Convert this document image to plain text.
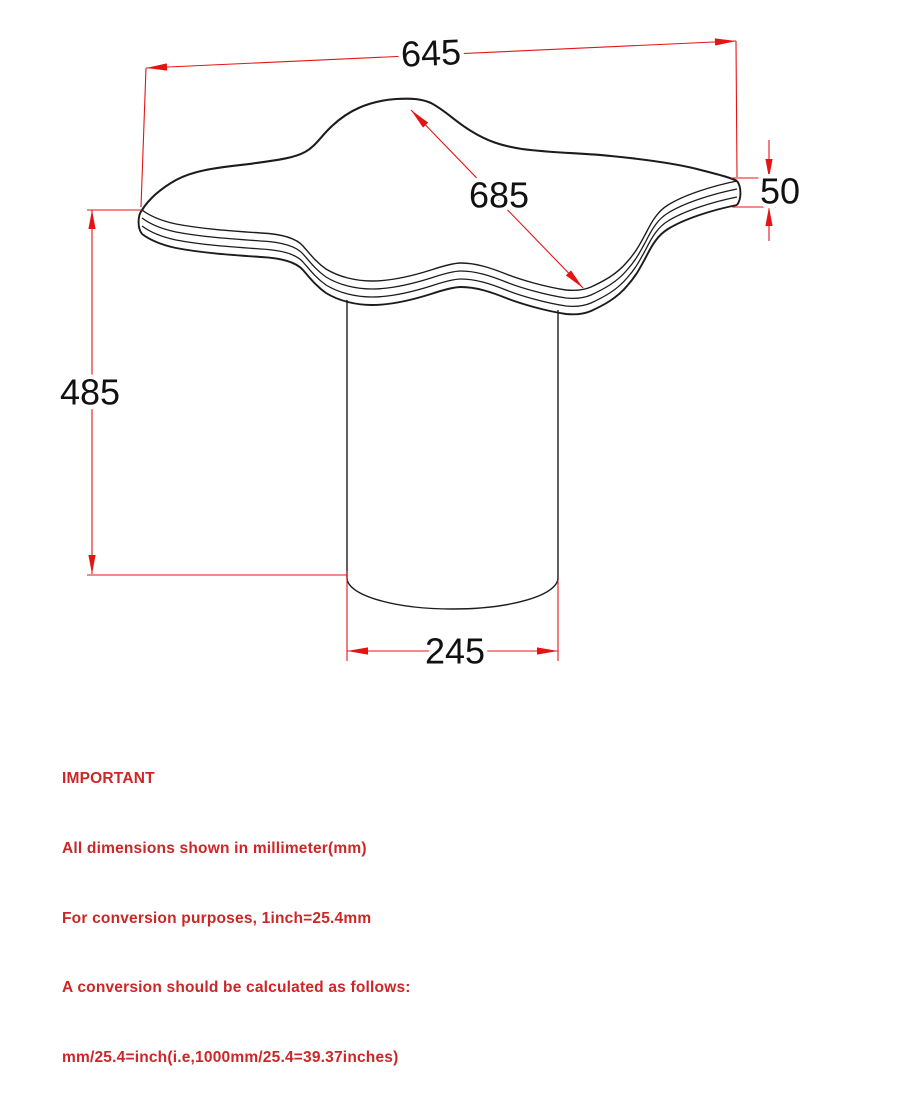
645
685	50
485
245

IMPORTANT

All dimensions shown in millimeter(mm)

For conversion purposes, 1inch=25.4mm

A conversion should be calculated as follows:

mm/25.4=inch(i.e,1000mm/25.4=39.37inches)
